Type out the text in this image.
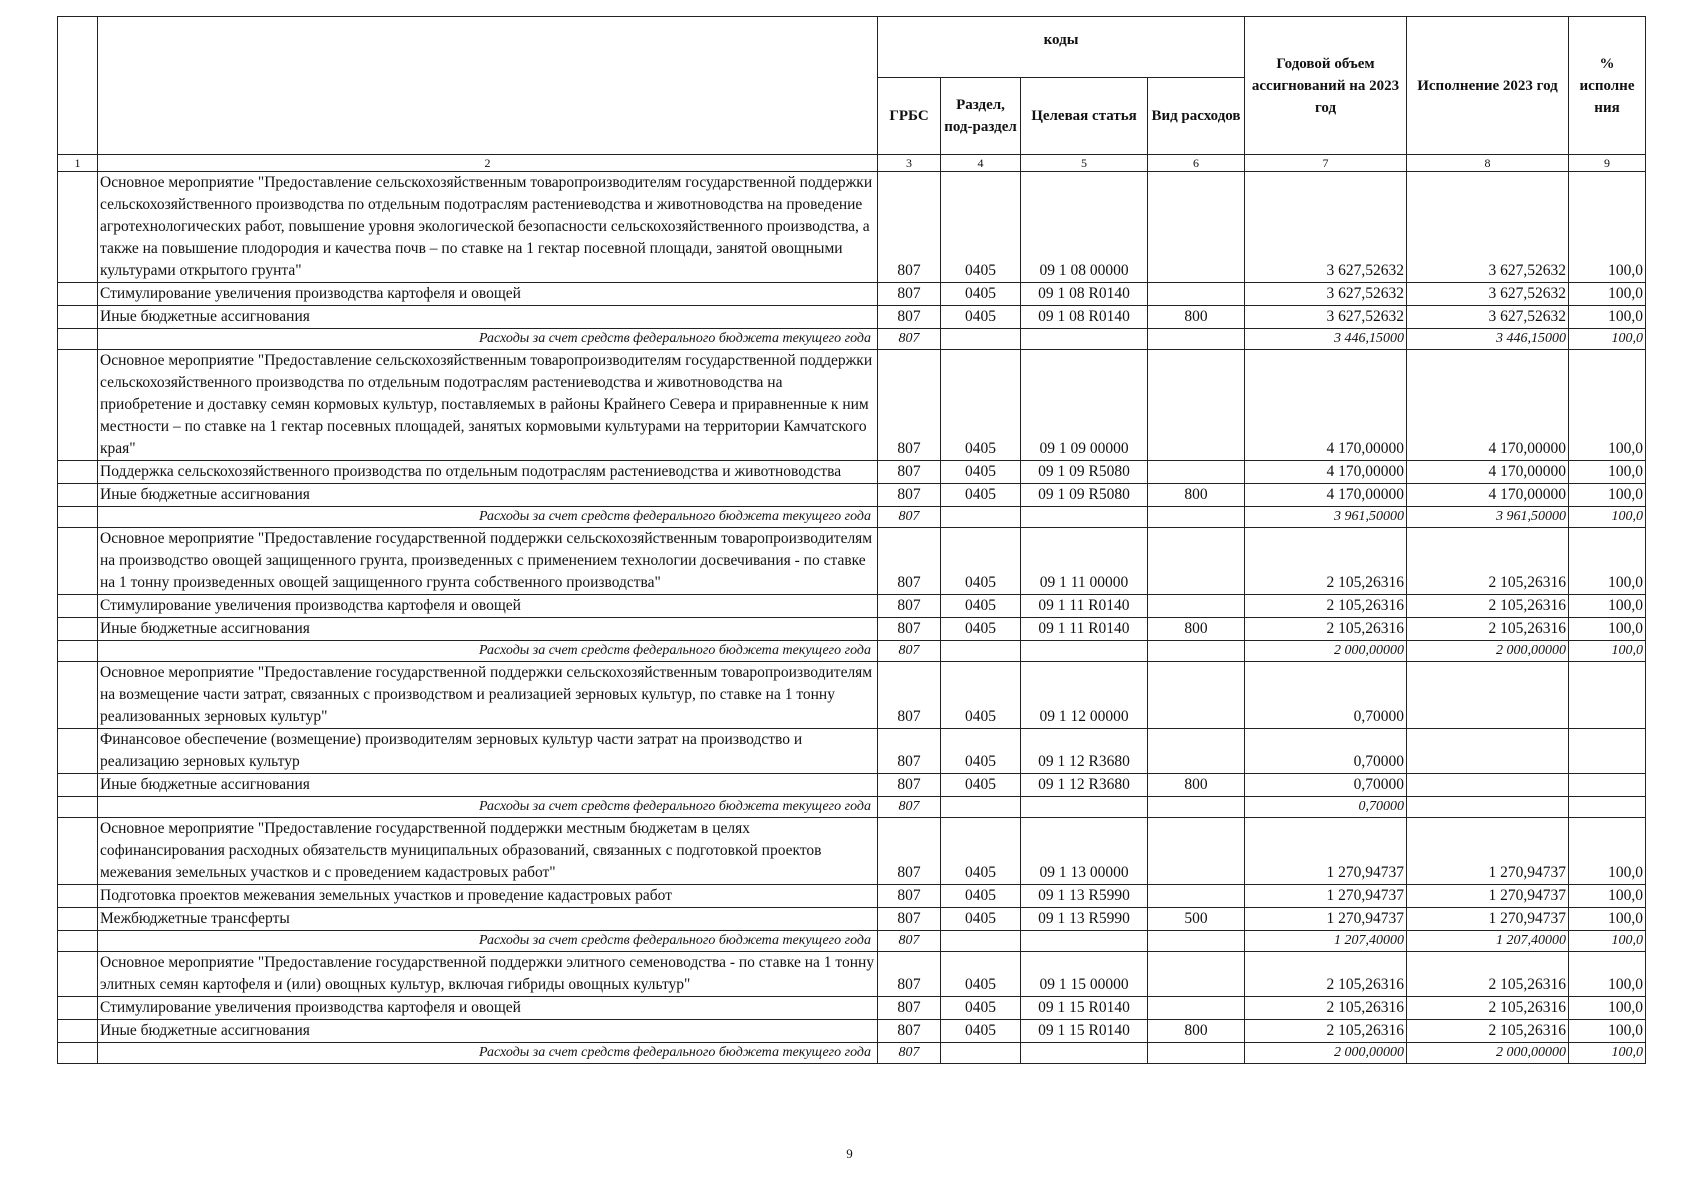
		коды				Годовой объем ассигнований на 2023 год	Исполнение 2023 год	% исполне ния
		ГРБС	Раздел, под-раздел	Целевая статья	Вид расходов			
1	2	3	4	5	6	7	8	9
	Основное мероприятие "Предоставление сельскохозяйственным товаропроизводителям государственной поддержки сельскохозяйственного производства по отдельным подотраслям растениеводства и животноводства на проведение агротехнологических работ, повышение уровня экологической безопасности сельскохозяйственного производства, а также на повышение плодородия и качества почв – по ставке на 1 гектар посевной площади, занятой овощными культурами открытого грунта"	807	0405	09 1 08 00000		3 627,52632	3 627,52632	100,0
	Стимулирование увеличения производства картофеля и овощей	807	0405	09 1 08 R0140		3 627,52632	3 627,52632	100,0
	Иные бюджетные ассигнования	807	0405	09 1 08 R0140	800	3 627,52632	3 627,52632	100,0
	Расходы за счет средств федерального бюджета текущего года	807				3 446,15000	3 446,15000	100,0
	Основное мероприятие "Предоставление сельскохозяйственным товаропроизводителям государственной поддержки сельскохозяйственного производства по отдельным подотраслям растениеводства и животноводства на приобретение и доставку семян кормовых культур, поставляемых в районы Крайнего Севера и приравненные к ним местности – по ставке на 1 гектар посевных площадей, занятых кормовыми культурами на территории Камчатского края"	807	0405	09 1 09 00000		4 170,00000	4 170,00000	100,0
	Поддержка сельскохозяйственного производства по отдельным подотраслям растениеводства и животноводства	807	0405	09 1 09 R5080		4 170,00000	4 170,00000	100,0
	Иные бюджетные ассигнования	807	0405	09 1 09 R5080	800	4 170,00000	4 170,00000	100,0
	Расходы за счет средств федерального бюджета текущего года	807				3 961,50000	3 961,50000	100,0
	Основное мероприятие "Предоставление государственной поддержки сельскохозяйственным товаропроизводителям на производство овощей защищенного грунта, произведенных с применением технологии досвечивания - по ставке на 1 тонну произведенных овощей защищенного грунта собственного производства"	807	0405	09 1 11 00000		2 105,26316	2 105,26316	100,0
	Стимулирование увеличения производства картофеля и овощей	807	0405	09 1 11 R0140		2 105,26316	2 105,26316	100,0
	Иные бюджетные ассигнования	807	0405	09 1 11 R0140	800	2 105,26316	2 105,26316	100,0
	Расходы за счет средств федерального бюджета текущего года	807				2 000,00000	2 000,00000	100,0
	Основное мероприятие "Предоставление государственной поддержки сельскохозяйственным товаропроизводителям на возмещение части затрат, связанных с производством и реализацией зерновых культур, по ставке на 1 тонну реализованных зерновых культур"	807	0405	09 1 12 00000		0,70000		
	Финансовое обеспечение (возмещение) производителям зерновых культур части затрат на производство и реализацию зерновых культур	807	0405	09 1 12 R3680		0,70000		
	Иные бюджетные ассигнования	807	0405	09 1 12 R3680	800	0,70000		
	Расходы за счет средств федерального бюджета текущего года	807				0,70000		
	Основное мероприятие "Предоставление государственной поддержки местным бюджетам в целях софинансирования расходных обязательств муниципальных образований, связанных с подготовкой проектов межевания земельных участков и с проведением кадастровых работ"	807	0405	09 1 13 00000		1 270,94737	1 270,94737	100,0
	Подготовка проектов межевания земельных участков и проведение кадастровых работ	807	0405	09 1 13 R5990		1 270,94737	1 270,94737	100,0
	Межбюджетные трансферты	807	0405	09 1 13 R5990	500	1 270,94737	1 270,94737	100,0
	Расходы за счет средств федерального бюджета текущего года	807				1 207,40000	1 207,40000	100,0
	Основное мероприятие "Предоставление государственной поддержки элитного семеноводства - по ставке на 1 тонну элитных семян картофеля и (или) овощных культур, включая гибриды овощных культур"	807	0405	09 1 15 00000		2 105,26316	2 105,26316	100,0
	Стимулирование увеличения производства картофеля и овощей	807	0405	09 1 15 R0140		2 105,26316	2 105,26316	100,0
	Иные бюджетные ассигнования	807	0405	09 1 15 R0140	800	2 105,26316	2 105,26316	100,0
	Расходы за счет средств федерального бюджета текущего года	807				2 000,00000	2 000,00000	100,0
9
